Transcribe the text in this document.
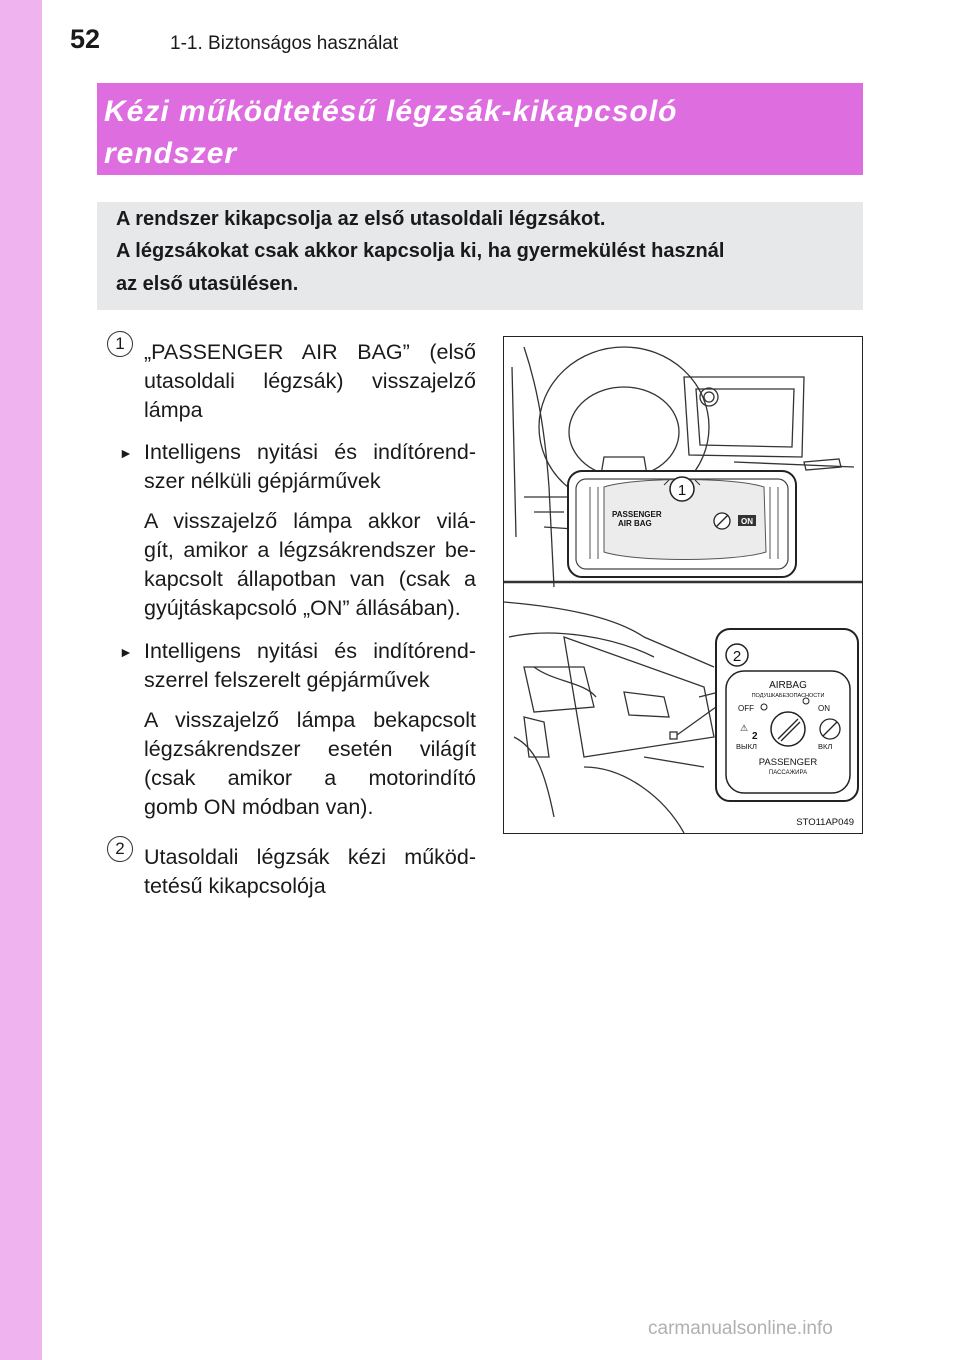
52	1-1. Biztonságos használat
Kézi működtetésű légzsák-kikapcsoló
rendszer
A rendszer kikapcsolja az első utasoldali légzsákot.
A légzsákokat csak akkor kapcsolja ki, ha gyermekülést használ
az első utasülésen.
1 „PASSENGER AIR BAG” (első
utasoldali légzsák) visszajelző
lámpa
► Intelligens nyitási és indítórend-
szer nélküli gépjárművek
A visszajelző lámpa akkor vilá-
gít, amikor a légzsákrendszer be-
kapcsolt állapotban van (csak a
gyújtáskapcsoló „ON” állásában).
► Intelligens nyitási és indítórend-
szerrel felszerelt gépjárművek
A visszajelző lámpa bekapcsolt
légzsákrendszer esetén világít
(csak amikor a motorindító
gomb ON módban van).
2 Utasoldali légzsák kézi működ-
tetésű kikapcsolója
1
PASSENGER
AIR BAG	ON
2
AIRBAG
ПОДУШКАБЕЗОПАСНОСТИ
OFF	ON
⚠
2
ВЫКЛ	ВКЛ
PASSENGER
ПАССАЖИРА
STO11AP049
carmanualsonline.info
